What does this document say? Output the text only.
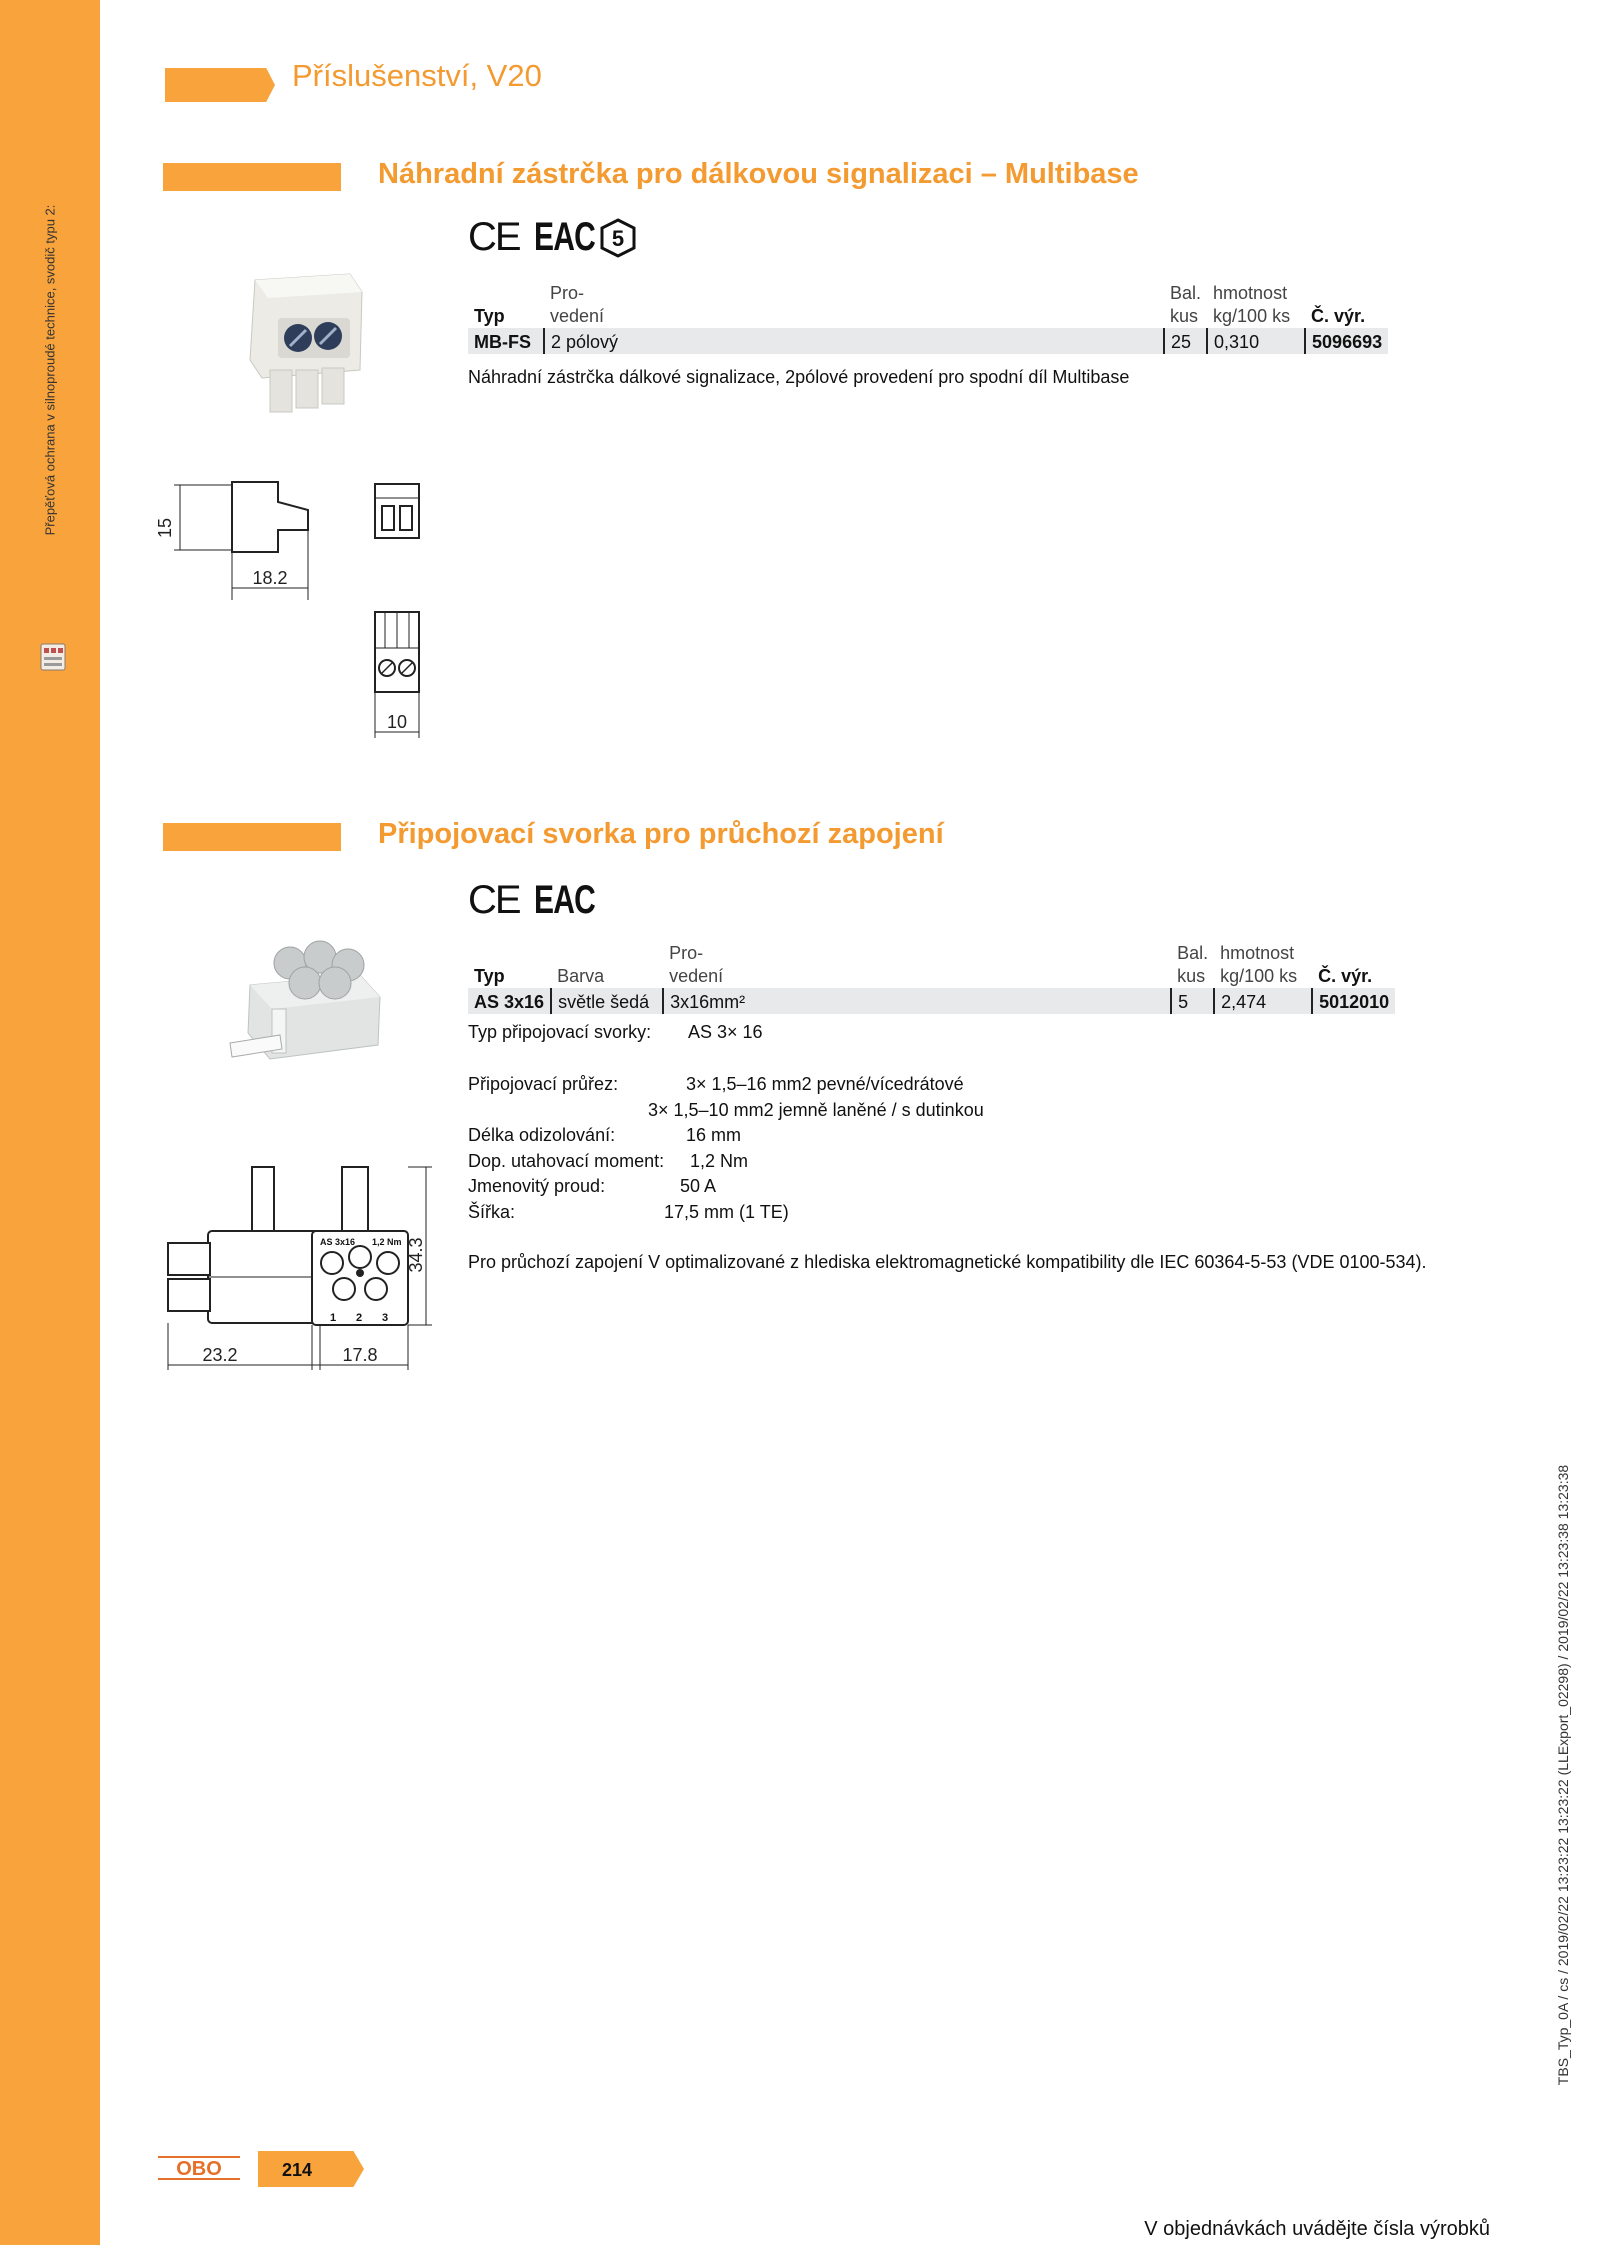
Přepěťová ochrana v silnoproudé technice, svodič typu 2:
Příslušenství, V20
Náhradní zástrčka pro dálkovou signalizaci – Multibase
CE EAC 5
	Pro-	Bal.	hmotnost	
Typ	vedení	kus	kg/100 ks	Č. výr.
MB-FS	2 pólový	25	0,310	5096693
Náhradní zástrčka dálkové signalizace, 2pólové provedení pro spodní díl Multibase
15
18.2
10
Připojovací svorka pro průchozí zapojení
CE EAC
		Pro-	Bal.	hmotnost	
Typ	Barva	vedení	kus	kg/100 ks	Č. výr.
AS 3x16	světle šedá	3x16mm²	5	2,474	5012010
Typ připojovací svorky: AS 3× 16
Připojovací průřez:	3× 1,5–16 mm2 pevné/vícedrátové
3× 1,5–10 mm2 jemně laněné / s dutinkou
Délka odizolování:	16 mm
Dop. utahovací moment: 1,2 Nm
Jmenovitý proud:	50 A
Šířka:	17,5 mm (1 TE)
Pro průchozí zapojení V optimalizované z hlediska elektromagnetické kompatibility dle IEC 60364-5-53 (VDE 0100-534).
23.2
AS 3x16 1,2 Nm
1 2 3
17.8
34.3
TBS_Typ_0A / cs / 2019/02/22 13:23:22 13:23:22 (LLExport_02298) / 2019/02/22 13:23:38 13:23:38
OBO	214
V objednávkách uvádějte čísla výrobků
